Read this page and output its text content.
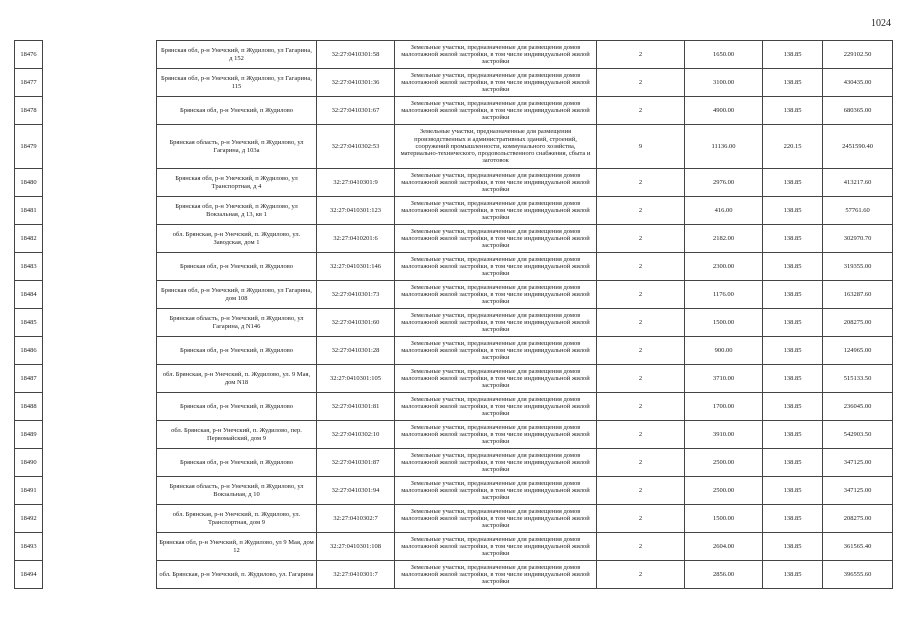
1024
18476		Брянская обл, р-н Унечский, п Жудилово, ул Гагарина, д 152	32:27:0410301:58	Земельные участки, предназначенные для размещения домов малоэтажной жилой застройки, в том числе индивидуальной жилой застройки	2	1650.00	138.85	229102.50
18477		Брянская обл, р-н Унечский, п Жудилово, ул Гагарина, 115	32:27:0410301:36	Земельные участки, предназначенные для размещения домов малоэтажной жилой застройки, в том числе индивидуальной жилой застройки	2	3100.00	138.85	430435.00
18478		Брянская обл, р-н Унечский, п Жудилово	32:27:0410301:67	Земельные участки, предназначенные для размещения домов малоэтажной жилой застройки, в том числе индивидуальной жилой застройки	2	4900.00	138.85	680365.00
18479		Брянская область, р-н Унечский, п Жудилово, ул Гагарина, д 103а	32:27:0410302:53	Земельные участки, предназначенные для размещения производственных и административных зданий, строений, сооружений промышленности, коммунального хозяйства, материально-технического, продовольственного снабжения, сбыта и заготовок	9	11136.00	220.15	2451590.40
18480		Брянская обл, р-н Унечский, п Жудилово, ул Транспортная, д 4	32:27:0410301:9	Земельные участки, предназначенные для размещения домов малоэтажной жилой застройки, в том числе индивидуальной жилой застройки	2	2976.00	138.85	413217.60
18481		Брянская обл, р-н Унечский, п Жудилово, ул Вокзальная, д 13, кв 1	32:27:0410301:123	Земельные участки, предназначенные для размещения домов малоэтажной жилой застройки, в том числе индивидуальной жилой застройки	2	416.00	138.85	57761.60
18482		обл. Брянская, р-н Унечский, п. Жудилово, ул. Заводская, дом 1	32:27:0410201:6	Земельные участки, предназначенные для размещения домов малоэтажной жилой застройки, в том числе индивидуальной жилой застройки	2	2182.00	138.85	302970.70
18483		Брянская обл, р-н Унечский, п Жудилово	32:27:0410301:146	Земельные участки, предназначенные для размещения домов малоэтажной жилой застройки, в том числе индивидуальной жилой застройки	2	2300.00	138.85	319355.00
18484		Брянская обл, р-н Унечский, п Жудилово, ул Гагарина, дом 108	32:27:0410301:73	Земельные участки, предназначенные для размещения домов малоэтажной жилой застройки, в том числе индивидуальной жилой застройки	2	1176.00	138.85	163287.60
18485		Брянская область, р-н Унечский, п Жудилово, ул Гагарина, д N146	32:27:0410301:60	Земельные участки, предназначенные для размещения домов малоэтажной жилой застройки, в том числе индивидуальной жилой застройки	2	1500.00	138.85	208275.00
18486		Брянская обл, р-н Унечский, п Жудилово	32:27:0410301:28	Земельные участки, предназначенные для размещения домов малоэтажной жилой застройки, в том числе индивидуальной жилой застройки	2	900.00	138.85	124965.00
18487		обл. Брянская, р-н Унечский, п. Жудилово, ул. 9 Мая, дом N18	32:27:0410301:105	Земельные участки, предназначенные для размещения домов малоэтажной жилой застройки, в том числе индивидуальной жилой застройки	2	3710.00	138.85	515133.50
18488		Брянская обл, р-н Унечский, п Жудилово	32:27:0410301:81	Земельные участки, предназначенные для размещения домов малоэтажной жилой застройки, в том числе индивидуальной жилой застройки	2	1700.00	138.85	236045.00
18489		обл. Брянская, р-н Унечский, п. Жудилово, пер. Первомайский, дом 9	32:27:0410302:10	Земельные участки, предназначенные для размещения домов малоэтажной жилой застройки, в том числе индивидуальной жилой застройки	2	3910.00	138.85	542903.50
18490		Брянская обл, р-н Унечский, п Жудилово	32:27:0410301:87	Земельные участки, предназначенные для размещения домов малоэтажной жилой застройки, в том числе индивидуальной жилой застройки	2	2500.00	138.85	347125.00
18491		Брянская область, р-н Унечский, п Жудилово, ул Вокзальная, д 10	32:27:0410301:94	Земельные участки, предназначенные для размещения домов малоэтажной жилой застройки, в том числе индивидуальной жилой застройки	2	2500.00	138.85	347125.00
18492		обл. Брянская, р-н Унечский, п. Жудилово, ул. Транспортная, дом 9	32:27:0410302:7	Земельные участки, предназначенные для размещения домов малоэтажной жилой застройки, в том числе индивидуальной жилой застройки	2	1500.00	138.85	208275.00
18493		Брянская обл, р-н Унечский, п Жудилово, ул 9 Мая, дом 12	32:27:0410301:108	Земельные участки, предназначенные для размещения домов малоэтажной жилой застройки, в том числе индивидуальной жилой застройки	2	2604.00	138.85	361565.40
18494		обл. Брянская, р-н Унечский, п. Жудилово, ул. Гагарина	32:27:0410301:7	Земельные участки, предназначенные для размещения домов малоэтажной жилой застройки, в том числе индивидуальной жилой застройки	2	2856.00	138.85	396555.60
